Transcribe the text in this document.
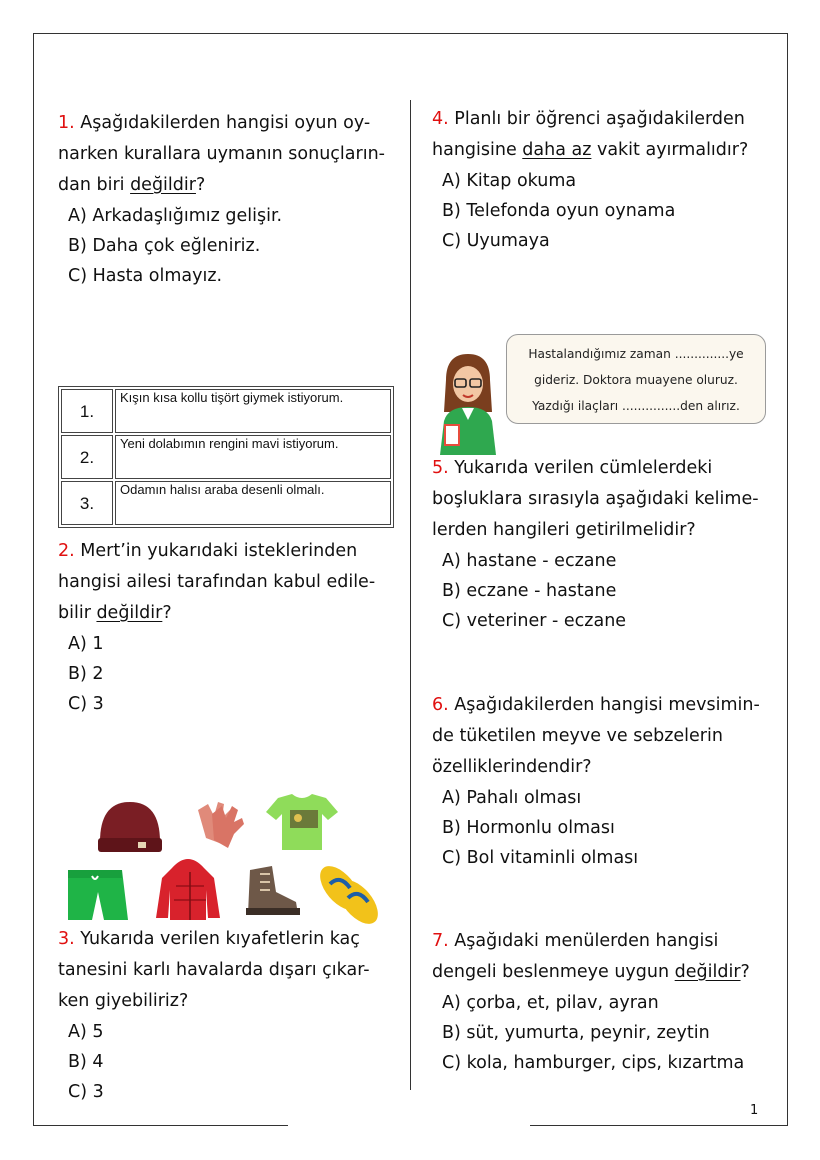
1
1. Aşağıdakilerden hangisi oyun oy-
narken kurallara uymanın sonuçların-
dan biri değildir?
A) Arkadaşlığımız gelişir.
B) Daha çok eğleniriz.
C) Hasta olmayız.
1.	Kışın kısa kollu tişört giymek istiyorum.
2.	Yeni dolabımın rengini mavi istiyorum.
3.	Odamın halısı araba desenli olmalı.
2. Mert’in yukarıdaki isteklerinden
hangisi ailesi tarafından kabul edile-
bilir değildir?
A) 1
B) 2
C) 3
3. Yukarıda verilen kıyafetlerin kaç
tanesini karlı havalarda dışarı çıkar-
ken giyebiliriz?
A) 5
B) 4
C) 3
4. Planlı bir öğrenci aşağıdakilerden
hangisine daha az vakit ayırmalıdır?
A) Kitap okuma
B) Telefonda oyun oynama
C) Uyumaya
Hastalandığımız zaman ..............ye
gideriz. Doktora muayene oluruz.
Yazdığı ilaçları ...............den alırız.
5. Yukarıda verilen cümlelerdeki
boşluklara sırasıyla aşağıdaki kelime-
lerden hangileri getirilmelidir?
A) hastane - eczane
B) eczane - hastane
C) veteriner - eczane
6. Aşağıdakilerden hangisi mevsimin-
de tüketilen meyve ve sebzelerin
özelliklerindendir?
A) Pahalı olması
B) Hormonlu olması
C) Bol vitaminli olması
7. Aşağıdaki menülerden hangisi
dengeli beslenmeye uygun değildir?
A) çorba, et, pilav, ayran
B) süt, yumurta, peynir, zeytin
C) kola, hamburger, cips, kızartma
